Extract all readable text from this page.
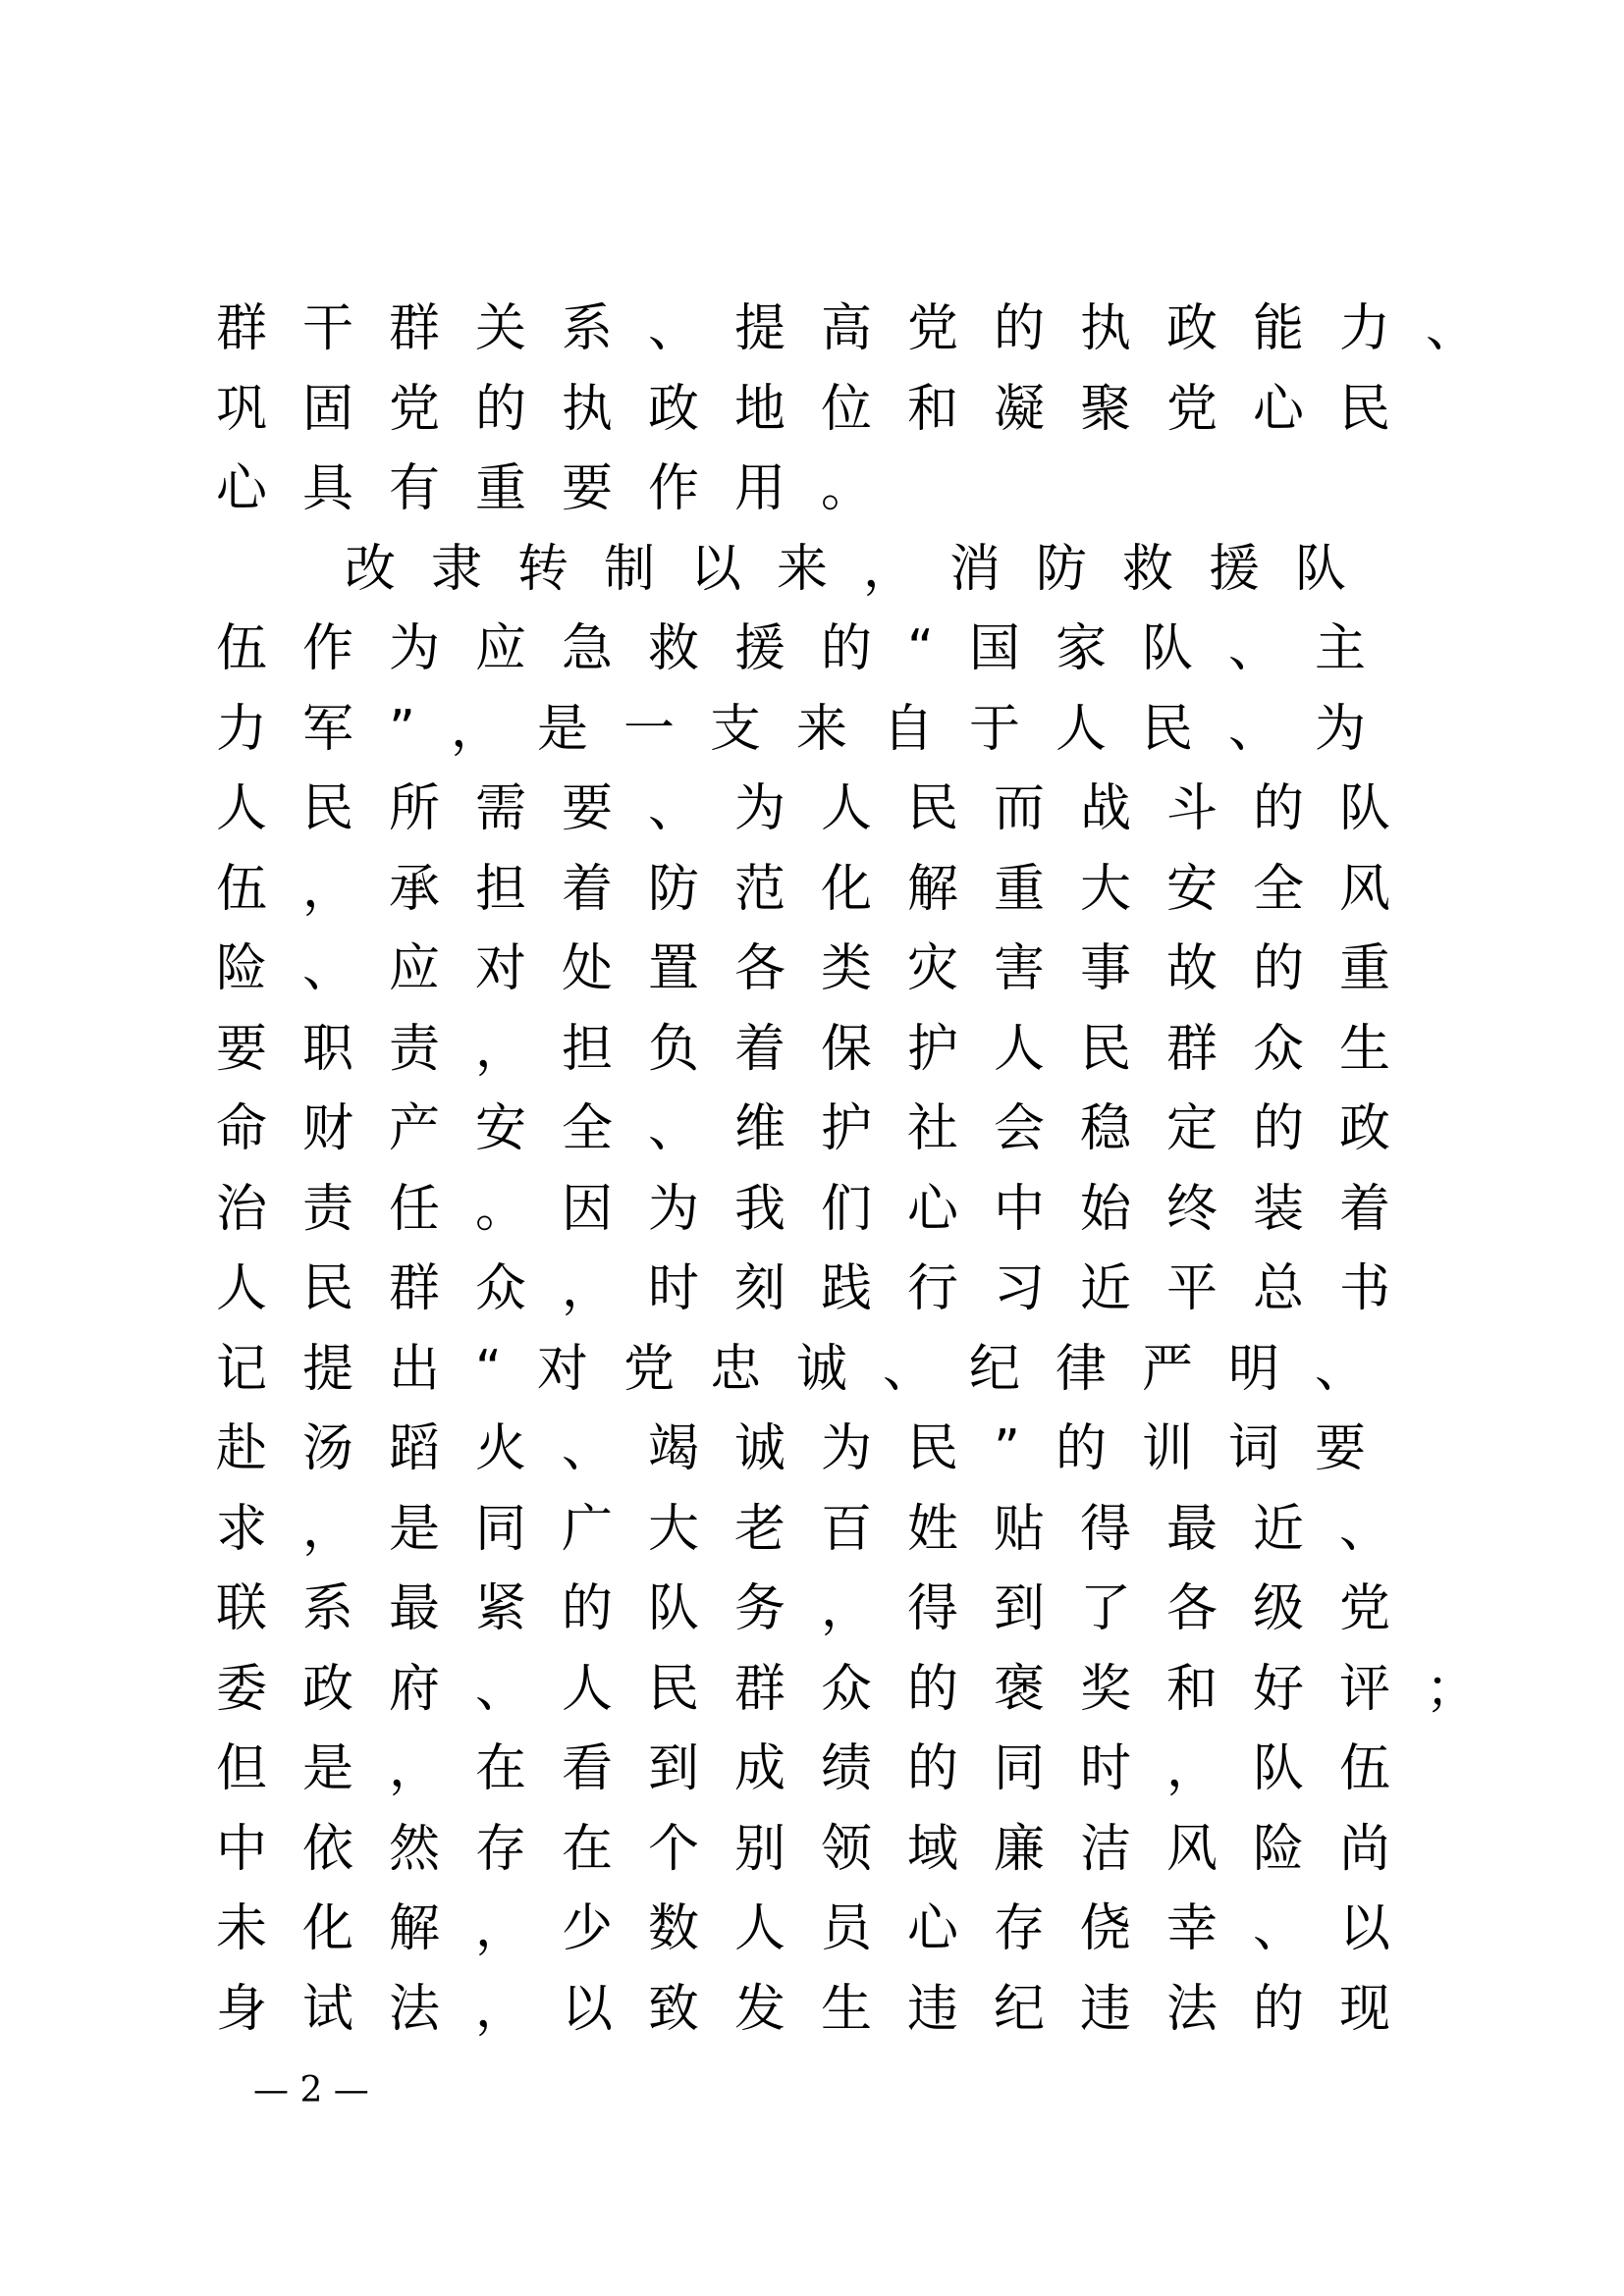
群干群关系、提高党的执政能力、
巩固党的执政地位和凝聚党心民
心具有重要作用。
改隶转制以来，消防救援队
伍作为应急救援的“国家队、主
力军”，是一支来自于人民、为
人民所需要、为人民而战斗的队
伍，承担着防范化解重大安全风
险、应对处置各类灾害事故的重
要职责，担负着保护人民群众生
命财产安全、维护社会稳定的政
治责任。因为我们心中始终装着
人民群众，时刻践行习近平总书
记提出“对党忠诚、纪律严明、
赴汤蹈火、竭诚为民”的训词要
求，是同广大老百姓贴得最近、
联系最紧的队务，得到了各级党
委政府、人民群众的褒奖和好评；
但是，在看到成绩的同时，队伍
中依然存在个别领域廉洁风险尚
未化解，少数人员心存侥幸、以
身试法，以致发生违纪违法的现
— 2 —
